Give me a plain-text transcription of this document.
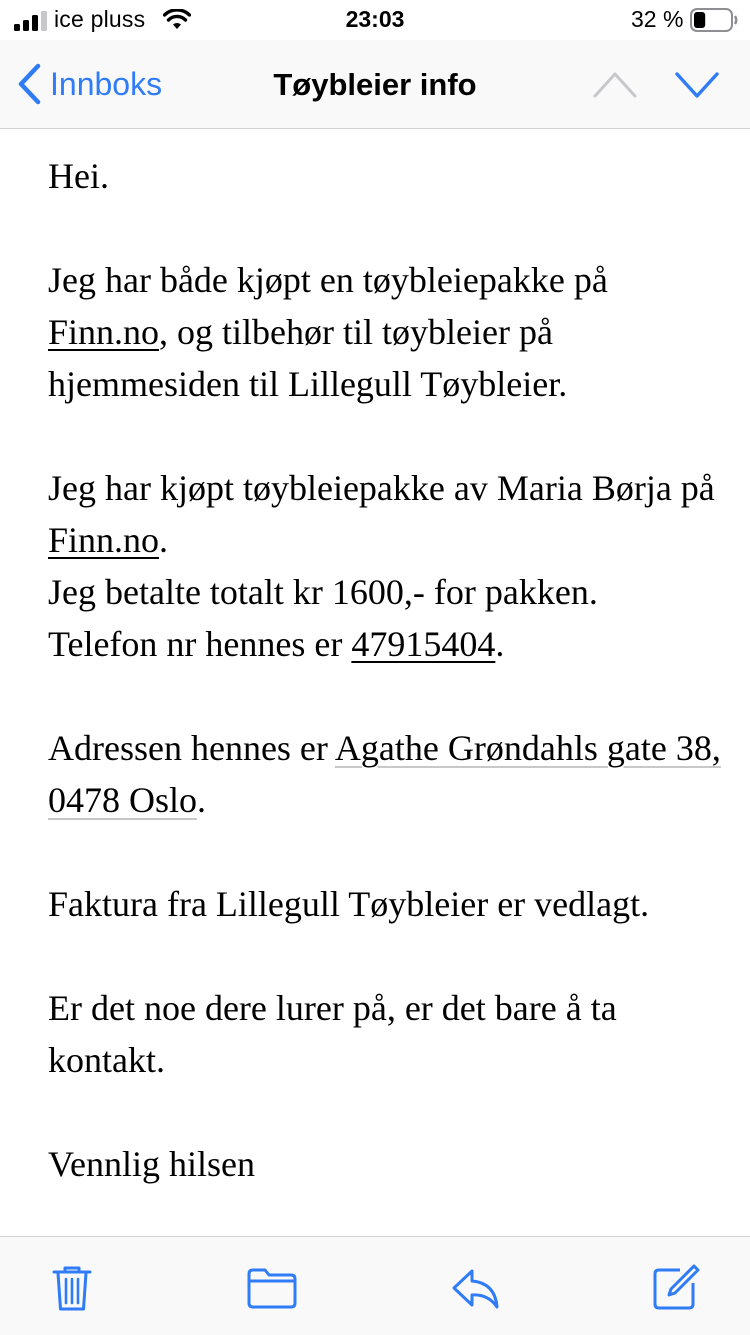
ice pluss	23:03	32 %
Innboks	Tøybleier info

Hei.

Jeg har både kjøpt en tøybleiepakke på Finn.no, og tilbehør til tøybleier på hjemmesiden til Lillegull Tøybleier.

Jeg har kjøpt tøybleiepakke av Maria Børja på Finn.no.
Jeg betalte totalt kr 1600,- for pakken.
Telefon nr hennes er 47915404.

Adressen hennes er Agathe Grøndahls gate 38, 0478 Oslo.

Faktura fra Lillegull Tøybleier er vedlagt.

Er det noe dere lurer på, er det bare å ta kontakt.

Vennlig hilsen
